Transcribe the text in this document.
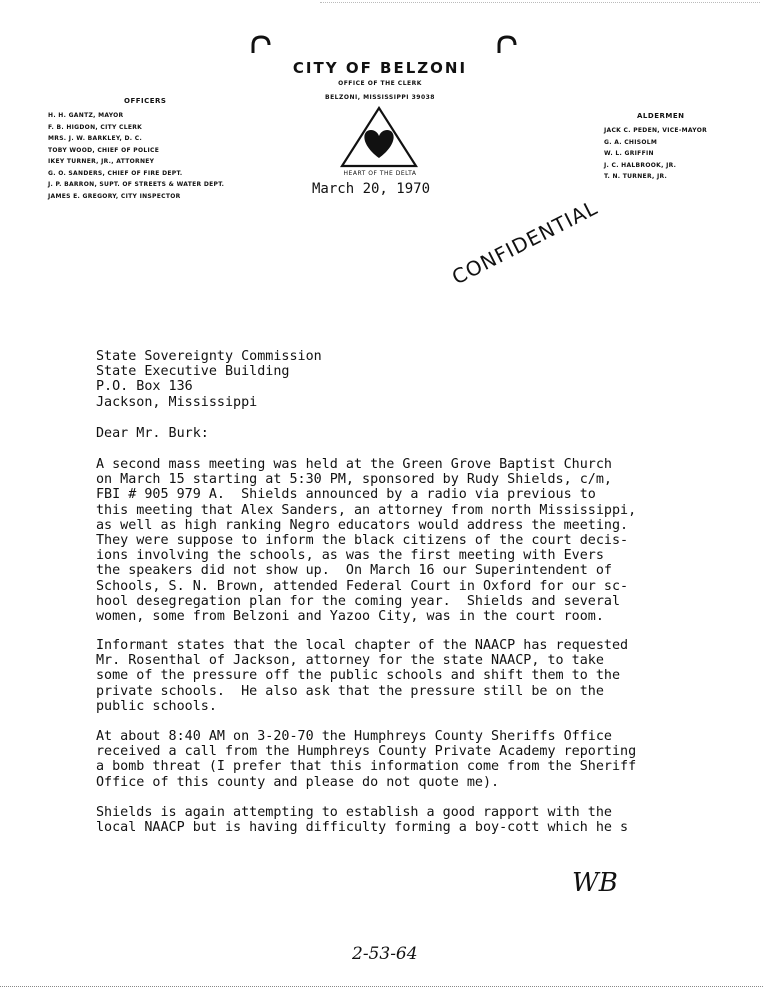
CITY OF BELZONI
OFFICE OF THE CLERK
BELZONI, MISSISSIPPI 39038
HEART OF THE DELTA
OFFICERS
H. H. GANTZ, MAYOR
F. B. HIGDON, CITY CLERK
MRS. J. W. BARKLEY, D. C.
TOBY WOOD, CHIEF OF POLICE
IKEY TURNER, JR., ATTORNEY
G. O. SANDERS, CHIEF OF FIRE DEPT.
J. P. BARRON, SUPT. OF STREETS & WATER DEPT.
JAMES E. GREGORY, CITY INSPECTOR
ALDERMEN
JACK C. PEDEN, VICE-MAYOR
G. A. CHISOLM
W. L. GRIFFIN
J. C. HALBROOK, JR.
T. N. TURNER, JR.
March 20, 1970
CONFIDENTIAL
State Sovereignty Commission
State Executive Building
P.O. Box 136
Jackson, Mississippi
Dear Mr. Burk:
A second mass meeting was held at the Green Grove Baptist Church
on March 15 starting at 5:30 PM, sponsored by Rudy Shields, c/m,
FBI # 905 979 A.  Shields announced by a radio via previous to
this meeting that Alex Sanders, an attorney from north Mississippi,
as well as high ranking Negro educators would address the meeting.
They were suppose to inform the black citizens of the court decis-
ions involving the schools, as was the first meeting with Evers
the speakers did not show up.  On March 16 our Superintendent of
Schools, S. N. Brown, attended Federal Court in Oxford for our sc-
hool desegregation plan for the coming year.  Shields and several
women, some from Belzoni and Yazoo City, was in the court room.
Informant states that the local chapter of the NAACP has requested
Mr. Rosenthal of Jackson, attorney for the state NAACP, to take
some of the pressure off the public schools and shift them to the
private schools.  He also ask that the pressure still be on the
public schools.
At about 8:40 AM on 3-20-70 the Humphreys County Sheriffs Office
received a call from the Humphreys County Private Academy reporting
a bomb threat (I prefer that this information come from the Sheriff
Office of this county and please do not quote me).
Shields is again attempting to establish a good rapport with the
local NAACP but is having difficulty forming a boy-cott which he s
WB
2-53-64
